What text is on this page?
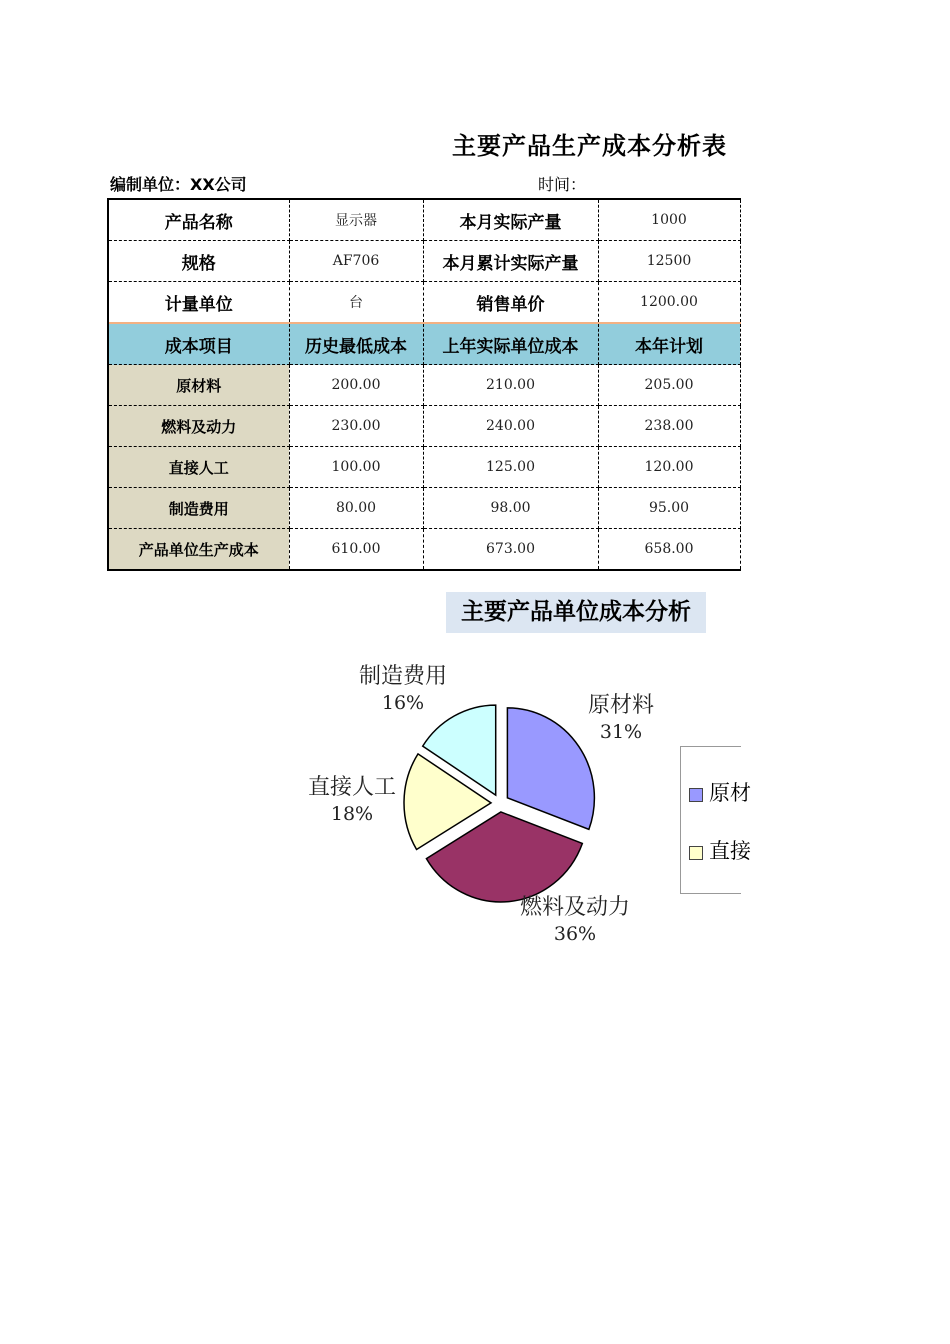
主要产品生产成本分析表
编制单位：XX公司	时间：
产品名称	显示器	本月实际产量	1000
规格	AF706	本月累计实际产量	12500
计量单位	台	销售单价	1200.00
成本项目	历史最低成本	上年实际单位成本	本年计划
原材料	200.00	210.00	205.00
燃料及动力	230.00	240.00	238.00
直接人工	100.00	125.00	120.00
制造费用	80.00	98.00	95.00
产品单位生产成本	610.00	673.00	658.00
主要产品单位成本分析
原材料
31%
燃料及动力
36%
直接人工
18%
制造费用
16%
原材
直接
